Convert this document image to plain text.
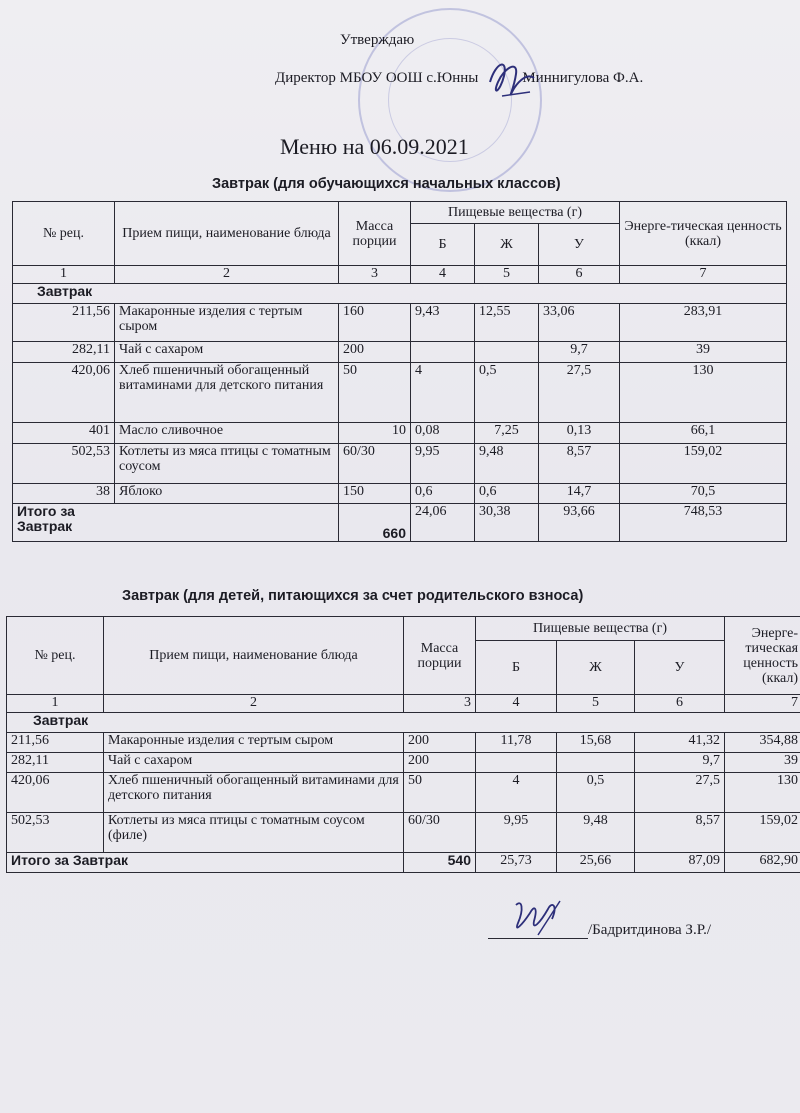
Утверждаю
Директор МБОУ ООШ с.Юнны	Миннигулова Ф.А.
Меню на 06.09.2021
Завтрак (для обучающихся начальных классов)
№ рец.	Прием пищи, наименование блюда	Масса порции	Пищевые вещества (г)			Энерге-тическая ценность (ккал)
			Б	Ж	У	
1	2	3	4	5	6	7
Завтрак						
211,56	Макаронные изделия с тертым сыром	160	9,43	12,55	33,06	283,91
282,11	Чай с сахаром	200			9,7	39
420,06	Хлеб пшеничный обогащенный витаминами для детского питания	50	4	0,5	27,5	130
401	Масло сливочное	10	0,08	7,25	0,13	66,1
502,53	Котлеты из мяса птицы с томатным соусом	60/30	9,95	9,48	8,57	159,02
38	Яблоко	150	0,6	0,6	14,7	70,5
Итого за Завтрак		660	24,06	30,38	93,66	748,53
Завтрак (для детей, питающихся за счет родительского взноса)
№ рец.	Прием пищи, наименование блюда	Масса порции	Пищевые вещества (г)			Энерге-тическая ценность (ккал)
			Б	Ж	У	
1	2	3	4	5	6	7
Завтрак						
211,56	Макаронные изделия с тертым сыром	200	11,78	15,68	41,32	354,88
282,11	Чай с сахаром	200			9,7	39
420,06	Хлеб пшеничный обогащенный витаминами для детского питания	50	4	0,5	27,5	130
502,53	Котлеты из мяса птицы с томатным соусом (филе)	60/30	9,95	9,48	8,57	159,02
Итого за Завтрак		540	25,73	25,66	87,09	682,90
/Бадритдинова З.Р./
